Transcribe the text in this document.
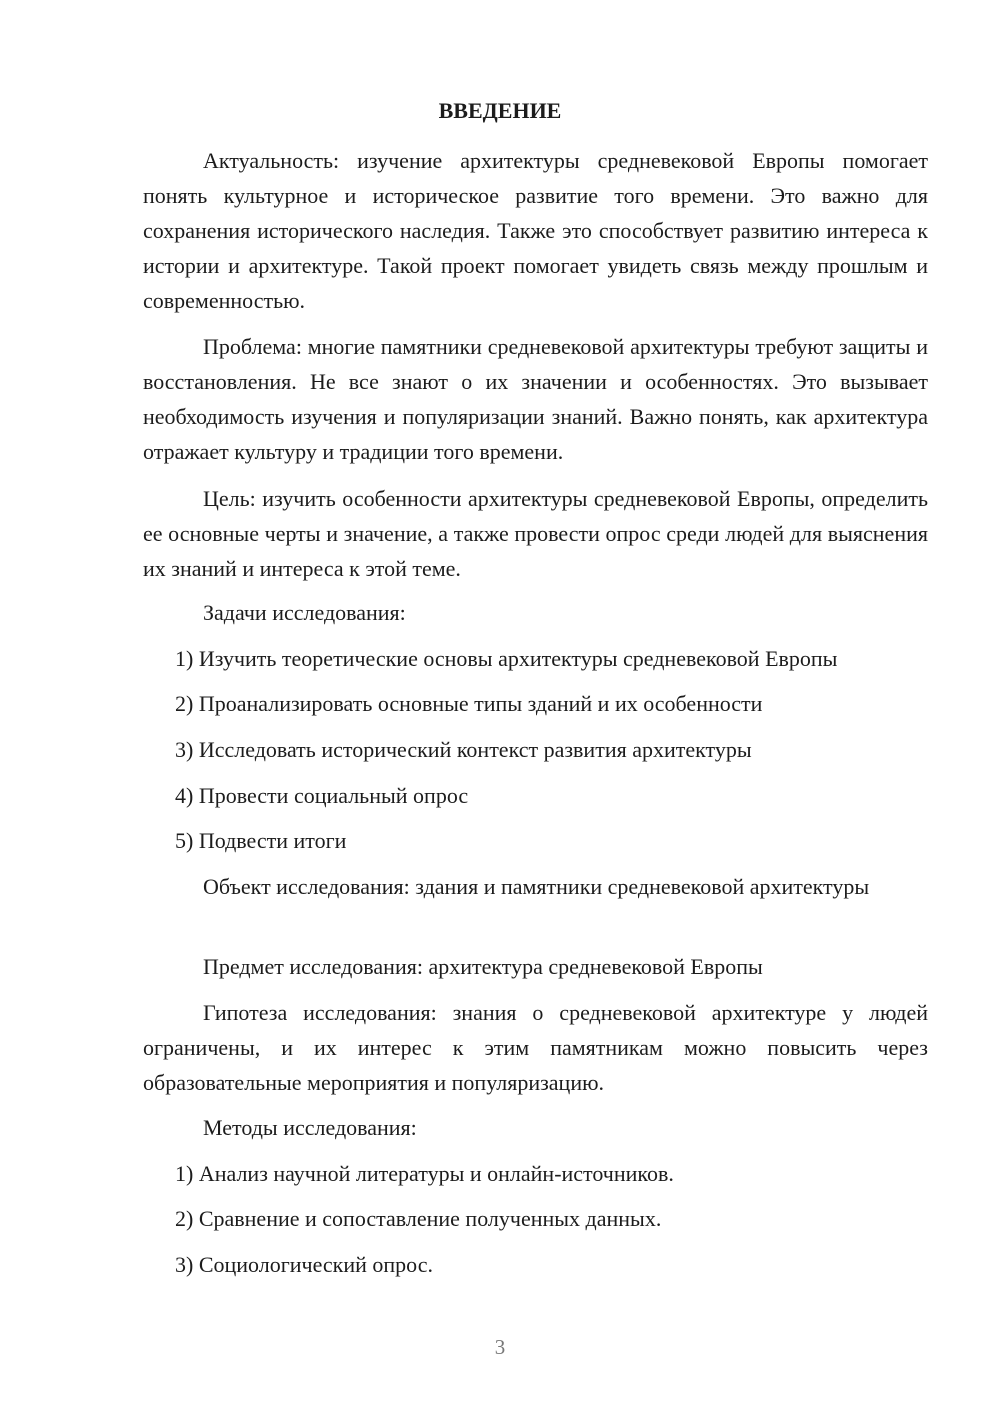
ВВЕДЕНИЕ

Актуальность: изучение архитектуры средневековой Европы помогает понять культурное и историческое развитие того времени. Это важно для сохранения исторического наследия. Также это способствует развитию интереса к истории и архитектуре. Такой проект помогает увидеть связь между прошлым и современностью.

Проблема: многие памятники средневековой архитектуры требуют защиты и восстановления. Не все знают о их значении и особенностях. Это вызывает необходимость изучения и популяризации знаний. Важно понять, как архитектура отражает культуру и традиции того времени.

Цель: изучить особенности архитектуры средневековой Европы, определить ее основные черты и значение, а также провести опрос среди людей для выяснения их знаний и интереса к этой теме.

Задачи исследования:

1) Изучить теоретические основы архитектуры средневековой Европы

2) Проанализировать основные типы зданий и их особенности

3) Исследовать исторический контекст развития архитектуры

4) Провести социальный опрос

5) Подвести итоги

Объект исследования: здания и памятники средневековой архитектуры

Предмет исследования: архитектура средневековой Европы

Гипотеза исследования: знания о средневековой архитектуре у людей ограничены, и их интерес к этим памятникам можно повысить через образовательные мероприятия и популяризацию.

Методы исследования:

1) Анализ научной литературы и онлайн-источников.

2) Сравнение и сопоставление полученных данных.

3) Социологический опрос.

3
